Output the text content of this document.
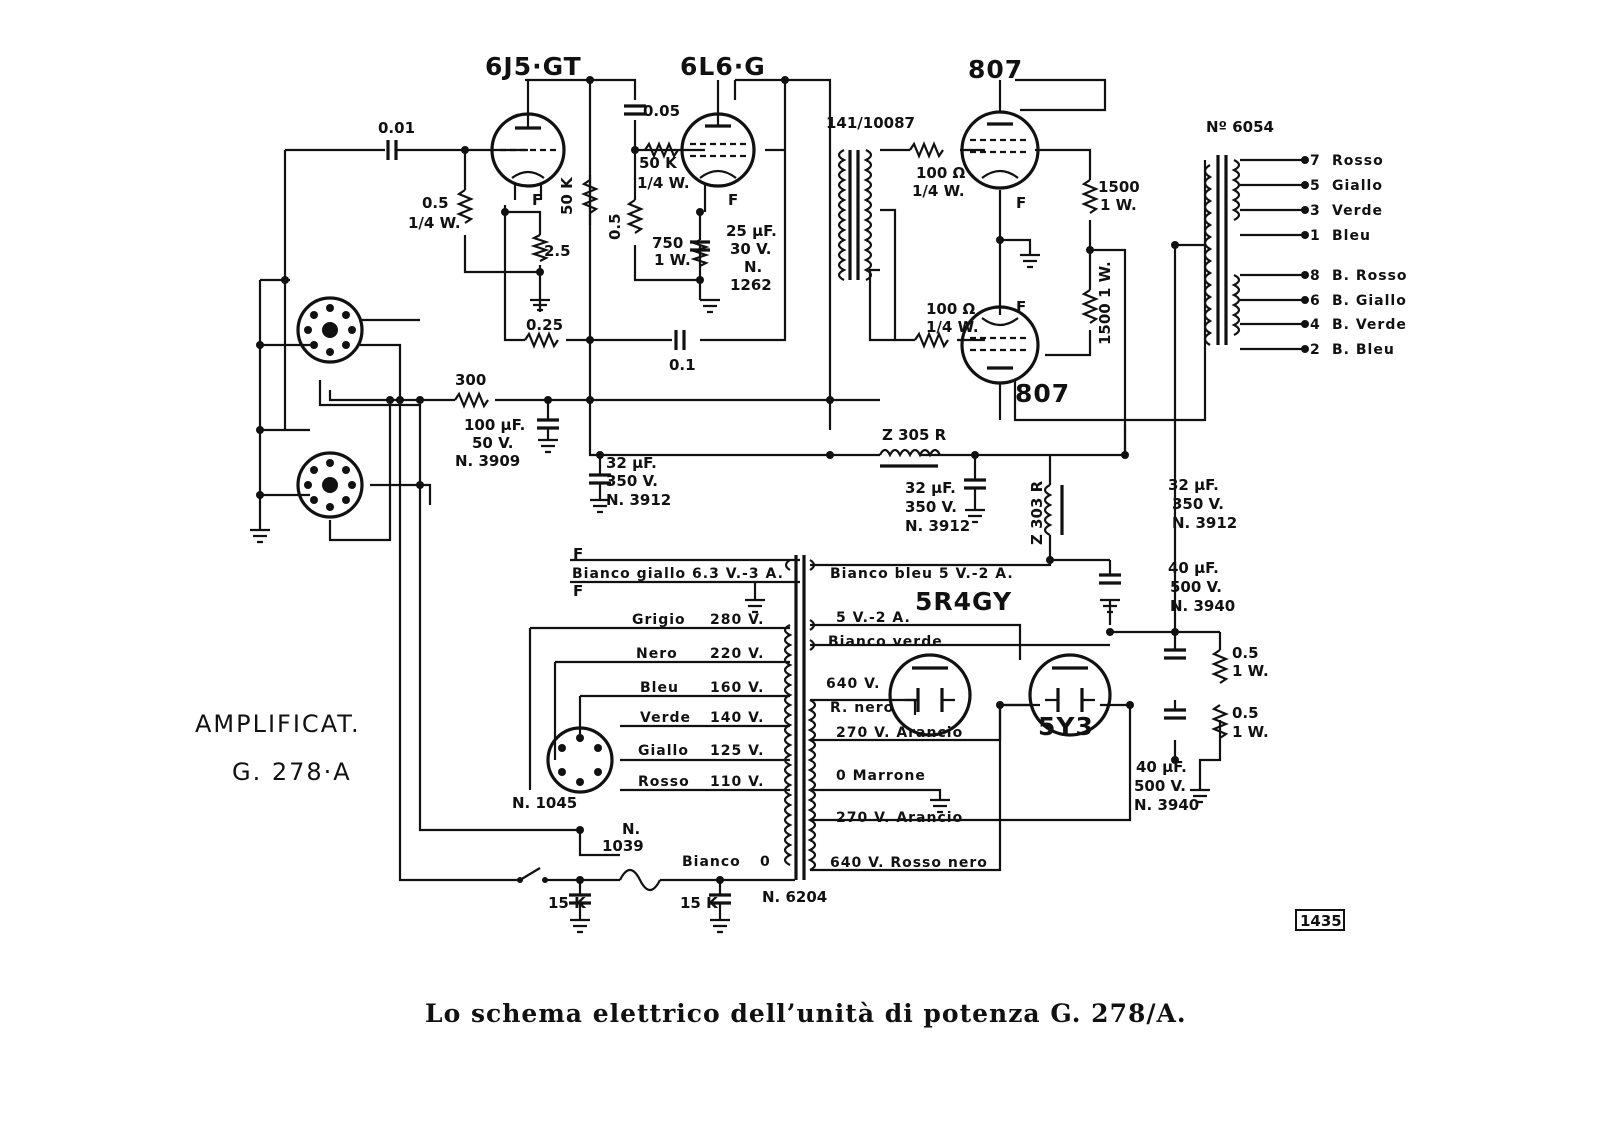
6J5·GT	6L6·G	807
807
5R4GY
5Y3
0.01
0.5
1/4 W.
2.5
0.05
50 K
1/4 W.
50 K
0.5
750
1 W.
25 μF.
30 V.
N.
1262
0.25
0.1
300
100 μF.
50 V.
N. 3909	32 μF.
350 V.
N. 3912
141/10087
100 Ω
1/4 W.
100 Ω
1/4 W.
1500
1 W.
1500 1 W.
Nº 6054
Z 305 R
32 μF.
350 V.
N. 3912	Z 303 R	32 μF.
350 V.
N. 3912
40 μF.
500 V.
N. 3940
0.5
1 W.
0.5
1 W.
40 μF.
500 V.
N. 3940
N. 1045
N.
1039
15 K	15 K	N. 6204
F
F
F	F	F
F
7 Rosso
5 Giallo
3 Verde
1 Bleu
8 B. Rosso
6 B. Giallo
4 B. Verde
2 B. Bleu
Bianco giallo 6.3 V.-3 A.
Grigio 280 V.
Nero 220 V.
Bleu 160 V.
Verde 140 V.
Giallo 125 V.
Rosso 110 V.
Bianco 0
Bianco bleu 5 V.-2 A.
5 V.-2 A.
Bianco verde
640 V.
R. nero
270 V. Arancio
0 Marrone
270 V. Arancio
640 V. Rosso nero
AMPLIFICAT.
G. 278·A
1435
Lo schema elettrico dell’unità di potenza G. 278/A.
